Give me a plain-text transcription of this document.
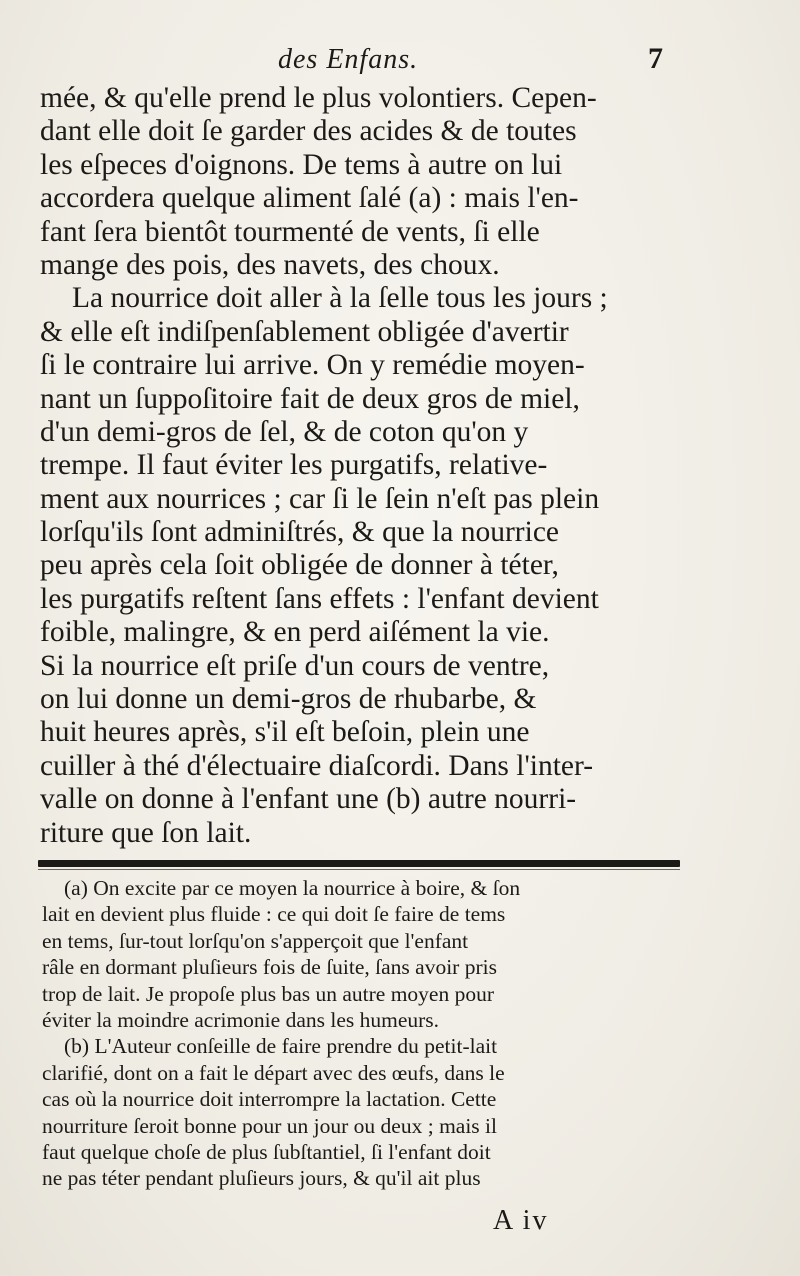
des Enfans.	7
mée, & qu'elle prend le plus volontiers. Cepen-
dant elle doit ſe garder des acides & de toutes
les eſpeces d'oignons. De tems à autre on lui
accordera quelque aliment ſalé (a) : mais l'en-
fant ſera bientôt tourmenté de vents, ſi elle
mange des pois, des navets, des choux.
La nourrice doit aller à la ſelle tous les jours ;
& elle eſt indiſpenſablement obligée d'avertir
ſi le contraire lui arrive. On y remédie moyen-
nant un ſuppoſitoire fait de deux gros de miel,
d'un demi-gros de ſel, & de coton qu'on y
trempe. Il faut éviter les purgatifs, relative-
ment aux nourrices ; car ſi le ſein n'eſt pas plein
lorſqu'ils ſont adminiſtrés, & que la nourrice
peu après cela ſoit obligée de donner à téter,
les purgatifs reſtent ſans effets : l'enfant devient
foible, malingre, & en perd aiſément la vie.
Si la nourrice eſt priſe d'un cours de ventre,
on lui donne un demi-gros de rhubarbe, &
huit heures après, s'il eſt beſoin, plein une
cuiller à thé d'électuaire diaſcordi. Dans l'inter-
valle on donne à l'enfant une (b) autre nourri-
riture que ſon lait.
(a) On excite par ce moyen la nourrice à boire, & ſon
lait en devient plus fluide : ce qui doit ſe faire de tems
en tems, ſur-tout lorſqu'on s'apperçoit que l'enfant
râle en dormant pluſieurs fois de ſuite, ſans avoir pris
trop de lait. Je propoſe plus bas un autre moyen pour
éviter la moindre acrimonie dans les humeurs.
(b) L'Auteur conſeille de faire prendre du petit-lait
clarifié, dont on a fait le départ avec des œufs, dans le
cas où la nourrice doit interrompre la lactation. Cette
nourriture ſeroit bonne pour un jour ou deux ; mais il
faut quelque choſe de plus ſubſtantiel, ſi l'enfant doit
ne pas téter pendant pluſieurs jours, & qu'il ait plus
A iv
